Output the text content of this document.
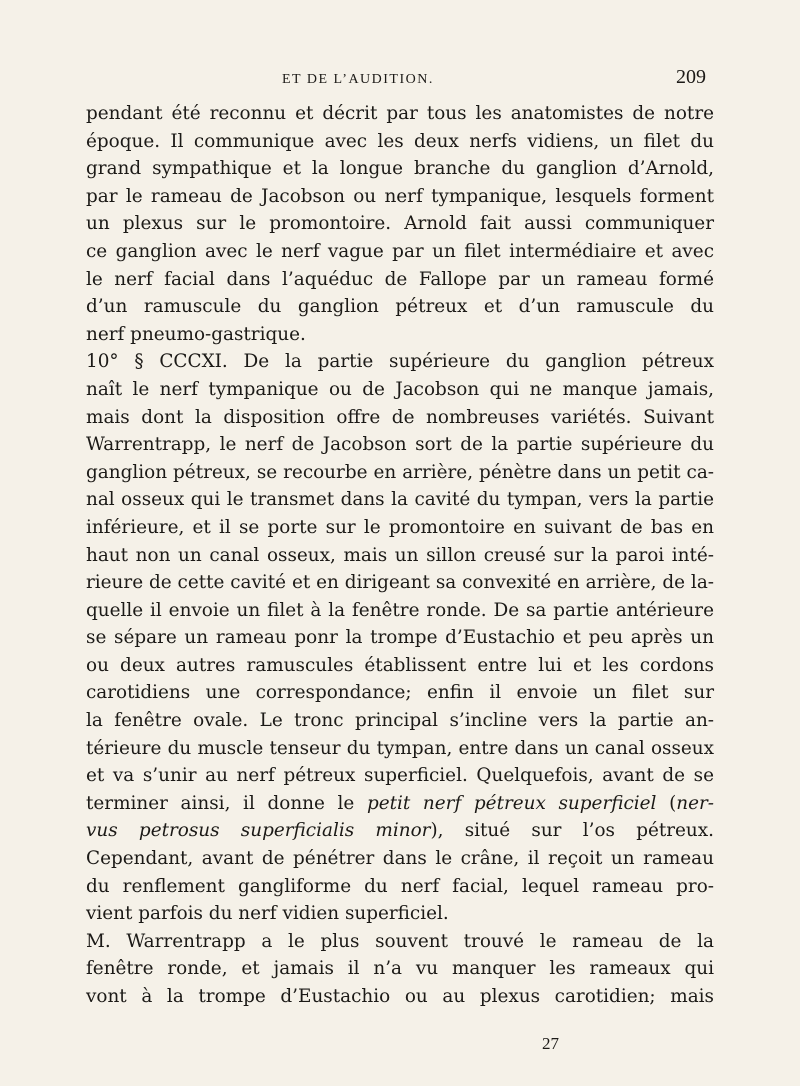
ET DE L’AUDITION.	209
pendant été reconnu et décrit par tous les anatomistes de notre
époque. Il communique avec les deux nerfs vidiens, un filet du
grand sympathique et la longue branche du ganglion d’Arnold,
par le rameau de Jacobson ou nerf tympanique, lesquels forment
un plexus sur le promontoire. Arnold fait aussi communiquer
ce ganglion avec le nerf vague par un filet intermédiaire et avec
le nerf facial dans l’aquéduc de Fallope par un rameau formé
d’un ramuscule du ganglion pétreux et d’un ramuscule du
nerf pneumo-gastrique.
10° § CCCXI. De la partie supérieure du ganglion pétreux
naît le nerf tympanique ou de Jacobson qui ne manque jamais,
mais dont la disposition offre de nombreuses variétés. Suivant
Warrentrapp, le nerf de Jacobson sort de la partie supérieure du
ganglion pétreux, se recourbe en arrière, pénètre dans un petit ca-
nal osseux qui le transmet dans la cavité du tympan, vers la partie
inférieure, et il se porte sur le promontoire en suivant de bas en
haut non un canal osseux, mais un sillon creusé sur la paroi inté-
rieure de cette cavité et en dirigeant sa convexité en arrière, de la-
quelle il envoie un filet à la fenêtre ronde. De sa partie antérieure
se sépare un rameau ponr la trompe d’Eustachio et peu après un
ou deux autres ramuscules établissent entre lui et les cordons
carotidiens une correspondance; enfin il envoie un filet sur
la fenêtre ovale. Le tronc principal s’incline vers la partie an-
térieure du muscle tenseur du tympan, entre dans un canal osseux
et va s’unir au nerf pétreux superficiel. Quelquefois, avant de se
terminer ainsi, il donne le petit nerf pétreux superficiel (ner-
vus petrosus superficialis minor), situé sur l’os pétreux.
Cependant, avant de pénétrer dans le crâne, il reçoit un rameau
du renflement gangliforme du nerf facial, lequel rameau pro-
vient parfois du nerf vidien superficiel.
M. Warrentrapp a le plus souvent trouvé le rameau de la
fenêtre ronde, et jamais il n’a vu manquer les rameaux qui
vont à la trompe d’Eustachio ou au plexus carotidien; mais
27
